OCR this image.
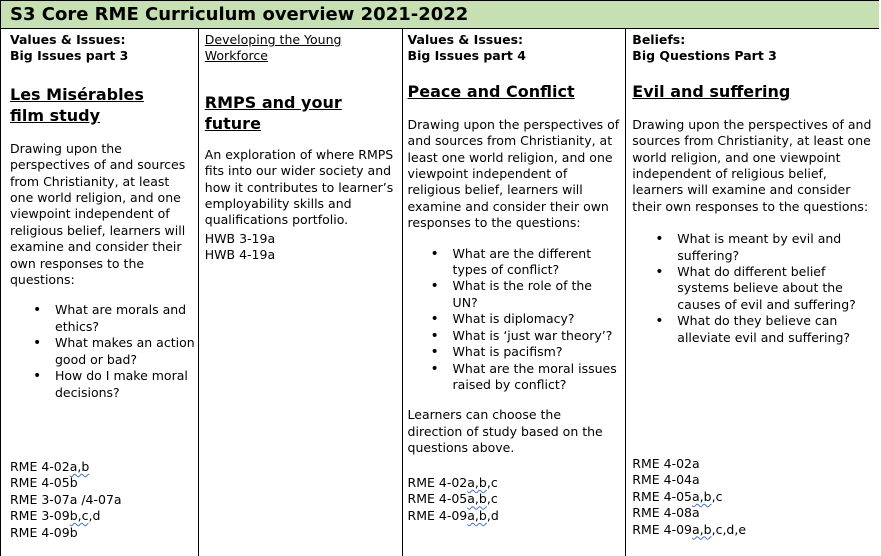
S3 Core RME Curriculum overview 2021-2022
Values & Issues:
Big Issues part 3
Les Misérables film study
Drawing upon the perspectives of and sources from Christianity, at least one world religion, and one viewpoint independent of religious belief, learners will examine and consider their own responses to the questions:
• What are morals and ethics?
• What makes an action good or bad?
• How do I make moral decisions?
RME 4-02a,b
RME 4-05b
RME 3-07a /4-07a
RME 3-09b,c,d
RME 4-09b
Developing the Young
Workforce
RMPS and your future
An exploration of where RMPS fits into our wider society and how it contributes to learner’s employability skills and qualifications portfolio.
HWB 3-19a
HWB 4-19a
Values & Issues:
Big Issues part 4
Peace and Conflict
Drawing upon the perspectives of and sources from Christianity, at least one world religion, and one viewpoint independent of religious belief, learners will examine and consider their own responses to the questions:
• What are the different types of conflict?
• What is the role of the UN?
• What is diplomacy?
• What is ‘just war theory’?
• What is pacifism?
• What are the moral issues raised by conflict?
Learners can choose the direction of study based on the questions above.
RME 4-02a,b,c
RME 4-05a,b,c
RME 4-09a,b,d
Beliefs:
Big Questions Part 3
Evil and suffering
Drawing upon the perspectives of and sources from Christianity, at least one world religion, and one viewpoint independent of religious belief, learners will examine and consider their own responses to the questions:
• What is meant by evil and suffering?
• What do different belief systems believe about the causes of evil and suffering?
• What do they believe can alleviate evil and suffering?
RME 4-02a
RME 4-04a
RME 4-05a,b,c
RME 4-08a
RME 4-09a,b,c,d,e
